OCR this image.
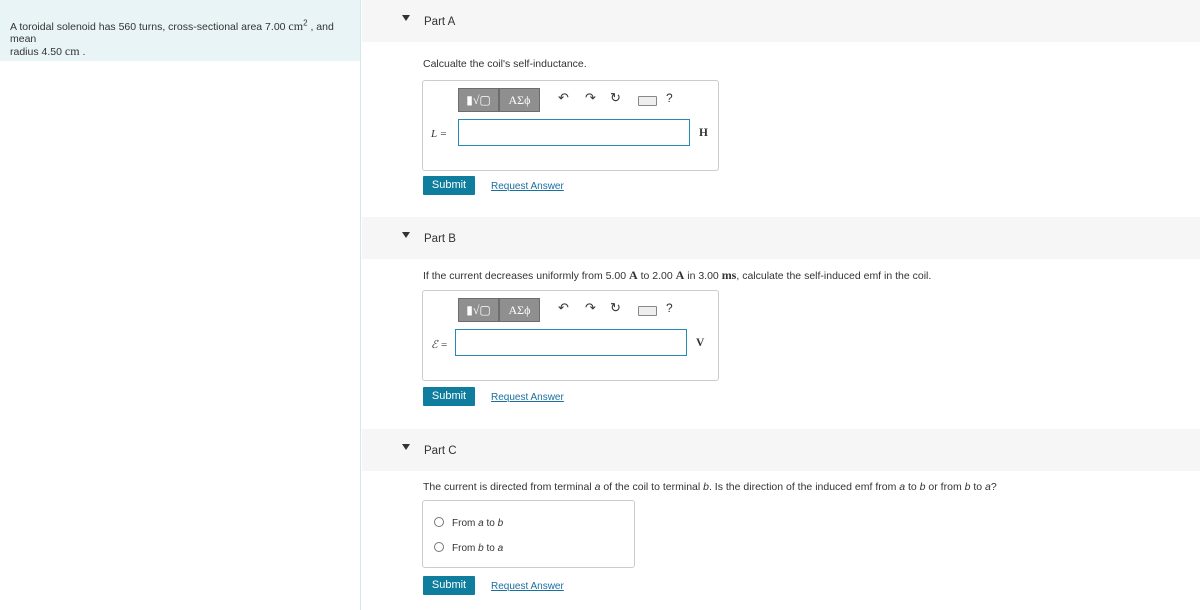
A toroidal solenoid has 560 turns, cross-sectional area 7.00 $cm^2$ , and mean
radius 4.50 cm .
Part A
Calcualte the coil's self-inductance.
▮√▢	ΑΣϕ	↶ ↷ ↻	?
L =	H
Submit	Request Answer
Part B
If the current decreases uniformly from 5.00 A to 2.00 A in 3.00 ms, calculate the self-induced emf in the coil.
▮√▢	ΑΣϕ	↶ ↷ ↻	?
ℰ =	V
Submit	Request Answer
Part C
The current is directed from terminal a of the coil to terminal b. Is the direction of the induced emf from a to b or from b to a?
From a to b
From b to a
Submit	Request Answer
